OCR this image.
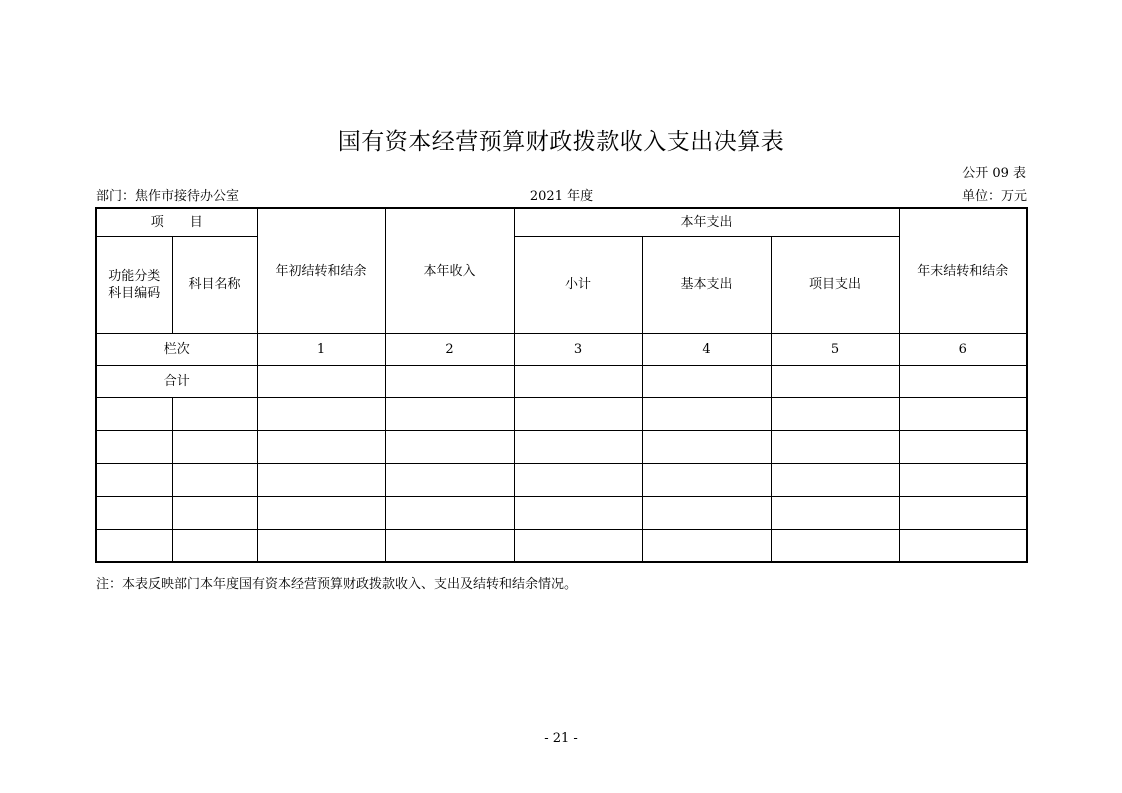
国有资本经营预算财政拨款收入支出决算表
公开 09 表
部门：焦作市接待办公室	2021 年度	单位：万元
项　　目		年初结转和结余	本年收入	本年支出			年末结转和结余

功能分类
科目编码	科目名称			小计	基本支出	项目支出	
栏次		1	2	3	4	5	6
合计							

注：本表反映部门本年度国有资本经营预算财政拨款收入、支出及结转和结余情况。
- 21 -
